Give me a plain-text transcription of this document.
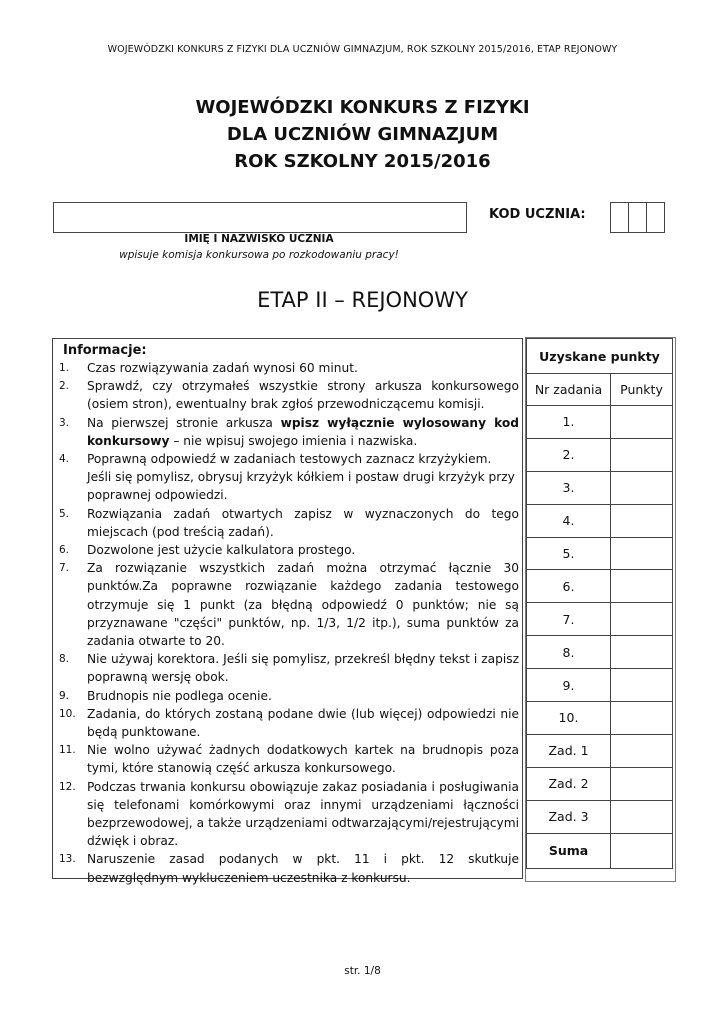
WOJEWÓDZKI KONKURS Z FIZYKI DLA UCZNIÓW GIMNAZJUM, ROK SZKOLNY 2015/2016, ETAP REJONOWY
WOJEWÓDZKI KONKURS Z FIZYKI
DLA UCZNIÓW GIMNAZJUM
ROK SZKOLNY 2015/2016
KOD UCZNIA:
IMIĘ I NAZWISKO UCZNIA
wpisuje komisja konkursowa po rozkodowaniu pracy!
ETAP II – REJONOWY
Informacje:
1.	Czas rozwiązywania zadań wynosi 60 minut.
2.	Sprawdź, czy otrzymałeś wszystkie strony arkusza konkursowego (osiem stron), ewentualny brak zgłoś przewodniczącemu komisji.
3.	Na pierwszej stronie arkusza wpisz wyłącznie wylosowany kod konkursowy – nie wpisuj swojego imienia i nazwiska.
4.	Poprawną odpowiedź w zadaniach testowych zaznacz krzyżykiem. Jeśli się pomylisz, obrysuj krzyżyk kółkiem i postaw drugi krzyżyk przy poprawnej odpowiedzi.
5.	Rozwiązania zadań otwartych zapisz w wyznaczonych do tego miejscach (pod treścią zadań).
6.	Dozwolone jest użycie kalkulatora prostego.
7.	Za rozwiązanie wszystkich zadań można otrzymać łącznie 30 punktów.Za poprawne rozwiązanie każdego zadania testowego otrzymuje się 1 punkt (za błędną odpowiedź 0 punktów; nie są przyznawane "części" punktów, np. 1/3, 1/2 itp.), suma punktów za zadania otwarte to 20.
8.	Nie używaj korektora. Jeśli się pomylisz, przekreśl błędny tekst i zapisz poprawną wersję obok.
9.	Brudnopis nie podlega ocenie.
10. Zadania, do których zostaną podane dwie (lub więcej) odpowiedzi nie będą punktowane.
11. Nie wolno używać żadnych dodatkowych kartek na brudnopis poza tymi, które stanowią część arkusza konkursowego.
12. Podczas trwania konkursu obowiązuje zakaz posiadania i posługiwania się telefonami komórkowymi oraz innymi urządzeniami łączności bezprzewodowej, a także urządzeniami odtwarzającymi/rejestrującymi dźwięk i obraz.
13. Naruszenie zasad podanych w pkt. 11 i pkt. 12 skutkuje bezwzględnym wykluczeniem uczestnika z konkursu.
Uzyskane punkty	
Nr zadania	Punkty
1.	
2.	
3.	
4.	
5.	
6.	
7.	
8.	
9.	
10.	
Zad. 1	
Zad. 2	
Zad. 3	
Suma	
str. 1/8
